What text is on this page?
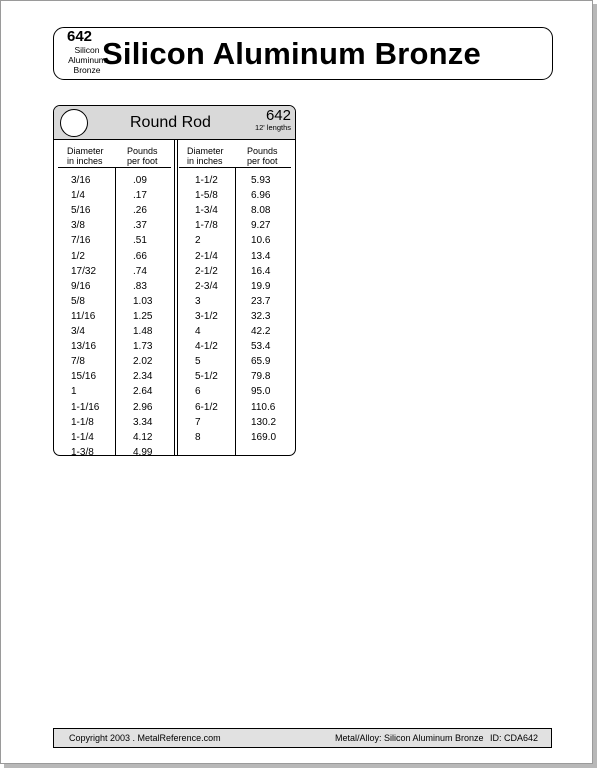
642
Silicon
Aluminum
Bronze Silicon Aluminum Bronze
Round Rod	642
12' lengths
Diameter
in inches
Pounds
per foot
Diameter
in inches
Pounds
per foot
3/16	.09
1/4	.17
5/16	.26
3/8	.37
7/16	.51
1/2	.66
17/32	.74
9/16	.83
5/8	1.03
11/16	1.25
3/4	1.48
13/16	1.73
7/8	2.02
15/16	2.34
1	2.64
1-1/16	2.96
1-1/8	3.34
1-1/4	4.12
1-3/8	4.99
1-1/2	5.93
1-5/8	6.96
1-3/4	8.08
1-7/8	9.27
2	10.6
2-1/4	13.4
2-1/2	16.4
2-3/4	19.9
3	23.7
3-1/2	32.3
4	42.2
4-1/2	53.4
5	65.9
5-1/2	79.8
6	95.0
6-1/2	110.6
7	130.2
8	169.0
Copyright 2003 . MetalReference.com	Metal/Alloy: Silicon Aluminum Bronze ID: CDA642
